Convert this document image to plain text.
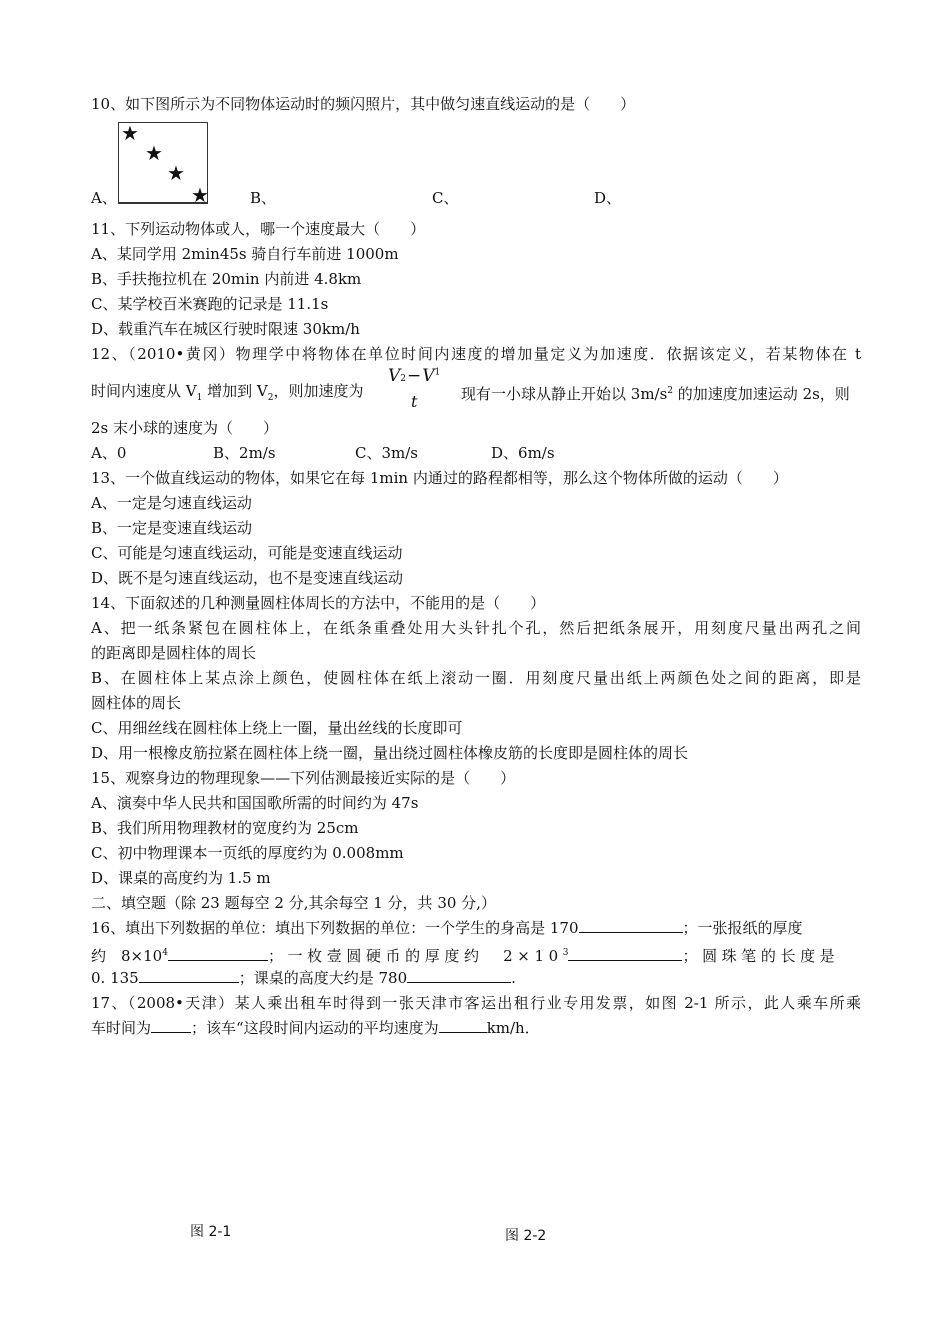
10、如下图所示为不同物体运动时的频闪照片，其中做匀速直线运动的是（　　）
★
★
★
★
A、	B、	C、	D、
11、下列运动物体或人，哪一个速度最大（　　）
A、某同学用 2min45s 骑自行车前进 1000m
B、手扶拖拉机在 20min 内前进 4.8km
C、某学校百米赛跑的记录是 11.1s
D、载重汽车在城区行驶时限速 30km/h
12、（2010•黄冈）物理学中将物体在单位时间内速度的增加量定义为加速度．依据该定义，若某物体在 t
时间内速度从 $V_1$ 增加到 $V_2$，则加速度为
$V2-V^1$
t	现有一小球从静止开始以 $3m/s^2$ 的加速度加速运动 2s，则
2s 末小球的速度为（　　）
A、0	B、2m/s	C、3m/s	D、6m/s
13、一个做直线运动的物体，如果它在每 1min 内通过的路程都相等，那么这个物体所做的运动（　　）
A、一定是匀速直线运动
B、一定是变速直线运动
C、可能是匀速直线运动，可能是变速直线运动
D、既不是匀速直线运动，也不是变速直线运动
14、下面叙述的几种测量圆柱体周长的方法中，不能用的是（　　）
A、把一纸条紧包在圆柱体上，在纸条重叠处用大头针扎个孔，然后把纸条展开，用刻度尺量出两孔之间
的距离即是圆柱体的周长
B、在圆柱体上某点涂上颜色，使圆柱体在纸上滚动一圈．用刻度尺量出纸上两颜色处之间的距离，即是
圆柱体的周长
C、用细丝线在圆柱体上绕上一圈，量出丝线的长度即可
D、用一根橡皮筋拉紧在圆柱体上绕一圈，量出绕过圆柱体橡皮筋的长度即是圆柱体的周长
15、观察身边的物理现象——下列估测最接近实际的是（　　）
A、演奏中华人民共和国国歌所需的时间约为 47s
B、我们所用物理教材的宽度约为 25cm
C、初中物理课本一页纸的厚度约为 0.008mm
D、课桌的高度约为 1.5 m
二、填空题（除 23 题每空 2 分,其余每空 1 分，共 30 分,）
16、填出下列数据的单位：填出下列数据的单位：一个学生的身高是 170	；一张报纸的厚度
约　$8\times 10^4$	；一枚壹圆硬币的厚度约　$2\times 10^3$	；圆珠笔的长度是
0. 135	；课桌的高度大约是 780	.
17、（2008•天津）某人乘出租车时得到一张天津市客运出租行业专用发票，如图 2-1 所示，此人乘车所乘
车时间为	；该车“这段时间内运动的平均速度为	km/h．
图 2-1	图 2-2
